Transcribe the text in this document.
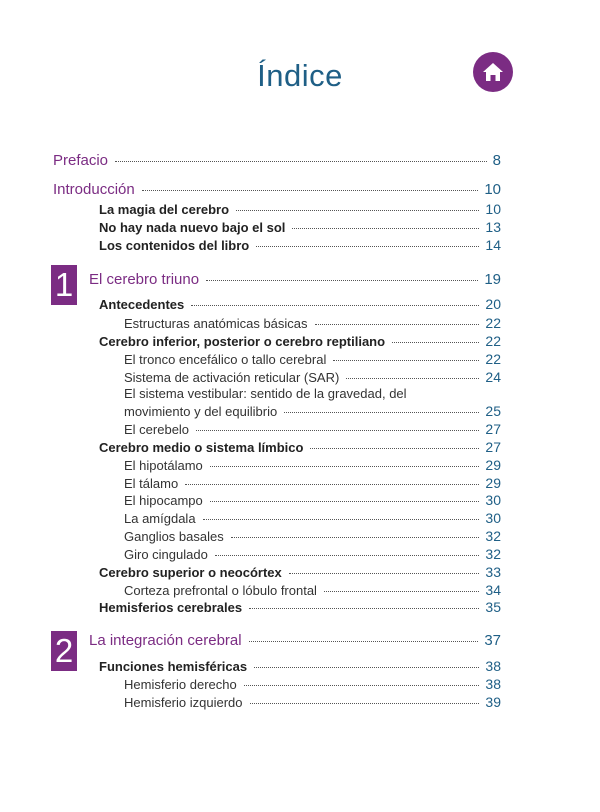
Índice
Prefacio	8
Introducción	10
La magia del cerebro	10
No hay nada nuevo bajo el sol	13
Los contenidos del libro	14
1 El cerebro triuno	19
Antecedentes	20
Estructuras anatómicas básicas	22
Cerebro inferior, posterior o cerebro reptiliano	22
El tronco encefálico o tallo cerebral	22
Sistema de activación reticular (SAR)	24
El sistema vestibular: sentido de la gravedad, del
movimiento y del equilibrio	25
El cerebelo	27
Cerebro medio o sistema límbico	27
El hipotálamo	29
El tálamo	29
El hipocampo	30
La amígdala	30
Ganglios basales	32
Giro cingulado	32
Cerebro superior o neocórtex	33
Corteza prefrontal o lóbulo frontal	34
Hemisferios cerebrales	35
2 La integración cerebral	37
Funciones hemisféricas	38
Hemisferio derecho	38
Hemisferio izquierdo	39
